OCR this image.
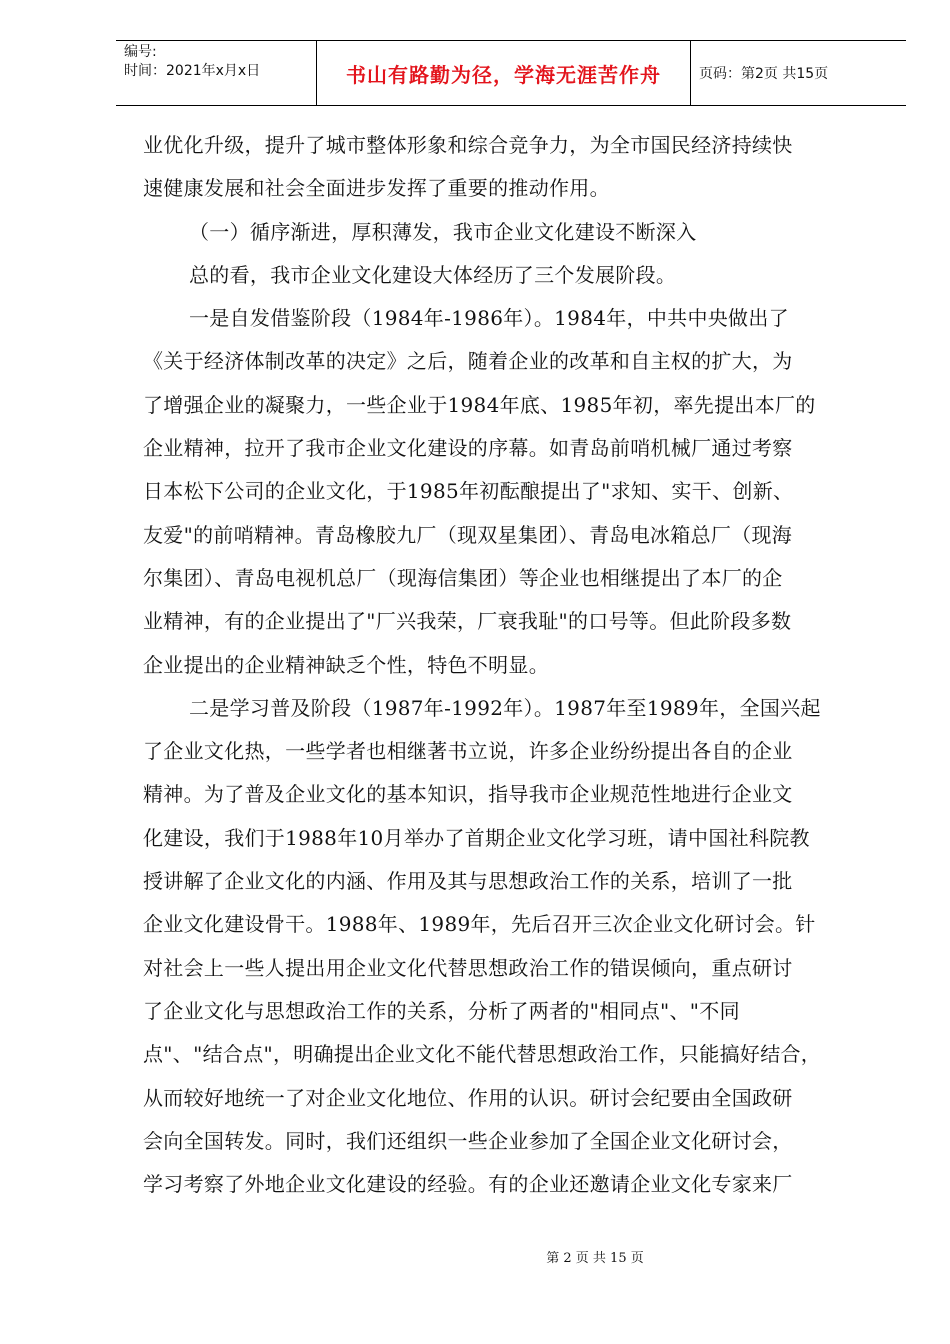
编号:
时间：2021年x月x日	书山有路勤为径，学海无涯苦作舟	页码：第2页 共15页
业优化升级，提升了城市整体形象和综合竞争力，为全市国民经济持续快
速健康发展和社会全面进步发挥了重要的推动作用。
（一）循序渐进，厚积薄发，我市企业文化建设不断深入
总的看，我市企业文化建设大体经历了三个发展阶段。
一是自发借鉴阶段（1984年-1986年）。1984年，中共中央做出了
《关于经济体制改革的决定》之后，随着企业的改革和自主权的扩大，为
了增强企业的凝聚力，一些企业于1984年底、1985年初，率先提出本厂的
企业精神，拉开了我市企业文化建设的序幕。如青岛前哨机械厂通过考察
日本松下公司的企业文化，于1985年初酝酿提出了"求知、实干、创新、
友爱"的前哨精神。青岛橡胶九厂（现双星集团）、青岛电冰箱总厂（现海
尔集团）、青岛电视机总厂（现海信集团）等企业也相继提出了本厂的企
业精神，有的企业提出了"厂兴我荣，厂衰我耻"的口号等。但此阶段多数
企业提出的企业精神缺乏个性，特色不明显。
二是学习普及阶段（1987年-1992年）。1987年至1989年，全国兴起
了企业文化热，一些学者也相继著书立说，许多企业纷纷提出各自的企业
精神。为了普及企业文化的基本知识，指导我市企业规范性地进行企业文
化建设，我们于1988年10月举办了首期企业文化学习班，请中国社科院教
授讲解了企业文化的内涵、作用及其与思想政治工作的关系，培训了一批
企业文化建设骨干。1988年、1989年，先后召开三次企业文化研讨会。针
对社会上一些人提出用企业文化代替思想政治工作的错误倾向，重点研讨
了企业文化与思想政治工作的关系，分析了两者的"相同点"、"不同
点"、"结合点"，明确提出企业文化不能代替思想政治工作，只能搞好结合，
从而较好地统一了对企业文化地位、作用的认识。研讨会纪要由全国政研
会向全国转发。同时，我们还组织一些企业参加了全国企业文化研讨会，
学习考察了外地企业文化建设的经验。有的企业还邀请企业文化专家来厂
第 2 页 共 15 页
